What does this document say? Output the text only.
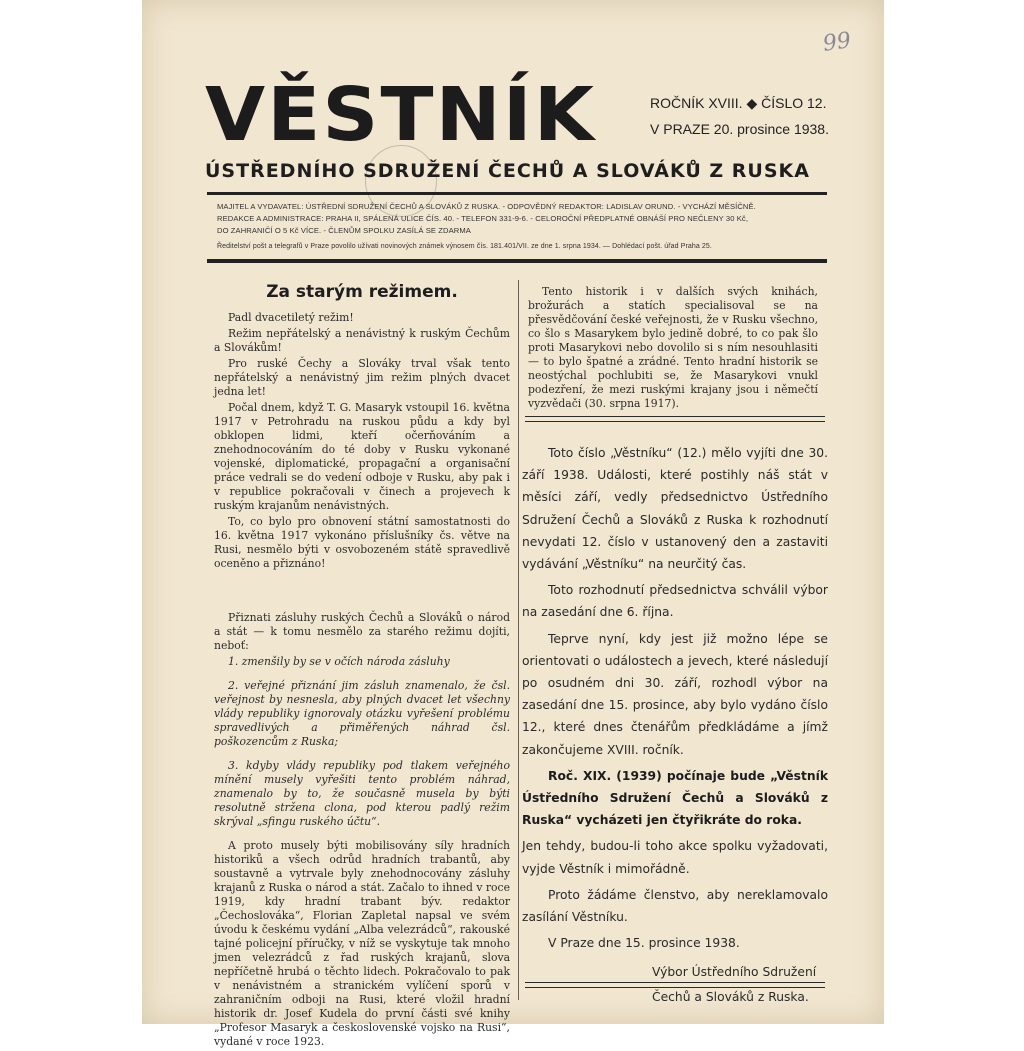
99
VĚSTNÍK	ROČNÍK XVIII. ◆ ČÍSLO 12.
V PRAZE 20. prosince 1938.
ÚSTŘEDNÍHO SDRUŽENÍ ČECHŮ A SLOVÁKŮ Z RUSKA

MAJITEL A VYDAVATEL: ÚSTŘEDNÍ SDRUŽENÍ ČECHŮ A SLOVÁKŮ Z RUSKA. - ODPOVĚDNÝ REDAKTOR: LADISLAV ORUND. - VYCHÁZÍ MĚSÍČNĚ.

REDAKCE A ADMINISTRACE: PRAHA II, SPÁLENÁ ULICE ČÍS. 40. - TELEFON 331-9-6. - CELOROČNÍ PŘEDPLATNÉ OBNÁŠÍ PRO NEČLENY 30 Kč,

DO ZAHRANIČÍ O 5 Kč VÍCE. - ČLENŮM SPOLKU ZASÍLÁ SE ZDARMA

Ředitelství pošt a telegrafů v Praze povolilo užívati novinových známek výnosem čís. 181.401/VII. ze dne 1. srpna 1934. — Dohlédací pošt. úřad Praha 25.

Za starým režimem.

Padl dvacetiletý režim!

Režim nepřátelský a nenávistný k ruským Čechům a Slovákům!

Pro ruské Čechy a Slováky trval však tento nepřátelský a nenávistný jim režim plných dvacet jedna let!

Počal dnem, když T. G. Masaryk vstoupil 16. května 1917 v Petrohradu na ruskou půdu a kdy byl obklopen lidmi, kteří očerňováním a znehodnocováním do té doby v Rusku vykonané vojenské, diplomatické, propagační a organisační práce vedrali se do vedení odboje v Rusku, aby pak i v republice pokračovali v činech a projevech k ruským krajanům nenávistných.

To, co bylo pro obnovení státní samostatnosti do 16. května 1917 vykonáno příslušníky čs. větve na Rusi, nesmělo býti v osvobozeném státě spravedlivě oceněno a přiznáno!

Přiznati zásluhy ruských Čechů a Slováků o národ a stát — k tomu nesmělo za starého režimu dojíti, neboť:

1. zmenšily by se v očích národa zásluhy

2. veřejné přiznání jim zásluh znamenalo, že čsl. veřejnost by nesnesla, aby plných dvacet let všechny vlády republiky ignorovaly otázku vyřešení problému spravedlivých a přiměřených náhrad čsl. poškozencům z Ruska;

3. kdyby vlády republiky pod tlakem veřejného mínění musely vyřešiti tento problém náhrad, znamenalo by to, že současně musela by býti resolutně stržena clona, pod kterou padlý režim skrýval „sfingu ruského účtu“.

A proto musely býti mobilisovány síly hradních historiků a všech odrůd hradních trabantů, aby soustavně a vytrvale byly znehodnocovány zásluhy krajanů z Ruska o národ a stát. Začalo to ihned v roce 1919, kdy hradní trabant býv. redaktor „Čechoslováka“, Florian Zapletal napsal ve svém úvodu k českému vydání „Alba velezrádců“, rakouské tajné policejní příručky, v níž se vyskytuje tak mnoho jmen velezrádců z řad ruských krajanů, slova nepříčetně hrubá o těchto lidech. Pokračovalo to pak v nenávistném a stranickém vylíčení sporů v zahraničním odboji na Rusi, které vložil hradní historik dr. Josef Kudela do první části své knihy „Profesor Masaryk a československé vojsko na Rusi“, vydané v roce 1923.

Tento historik i v dalších svých knihách, brožurách a statích specialisoval se na přesvědčování české veřejnosti, že v Rusku všechno, co šlo s Masarykem bylo jedině dobré, to co pak šlo proti Masarykovi nebo dovolilo si s ním nesouhlasiti — to bylo špatné a zrádné. Tento hradní historik se neostýchal pochlubiti se, že Masarykovi vnukl podezření, že mezi ruskými krajany jsou i němečtí vyzvědači (30. srpna 1917).

Toto číslo „Věstníku“ (12.) mělo vyjíti dne 30. září 1938. Události, které postihly náš stát v měsíci září, vedly předsednictvo Ústředního Sdružení Čechů a Slováků z Ruska k rozhodnutí nevydati 12. číslo v ustanovený den a zastaviti vydávání „Věstníku“ na neurčitý čas.

Toto rozhodnutí předsednictva schválil výbor na zasedání dne 6. října.

Teprve nyní, kdy jest již možno lépe se orientovati o událostech a jevech, které následují po osudném dni 30. září, rozhodl výbor na zasedání dne 15. prosince, aby bylo vydáno číslo 12., které dnes čtenářům předkládáme a jímž zakončujeme XVIII. ročník.

Roč. XIX. (1939) počínaje bude „Věstník Ústředního Sdružení Čechů a Slováků z Ruska“ vycházeti jen čtyřikráte do roka.

Jen tehdy, budou-li toho akce spolku vyžadovati, vyjde Věstník i mimořádně.

Proto žádáme členstvo, aby nereklamovalo zasílání Věstníku.

V Praze dne 15. prosince 1938.

Výbor Ústředního Sdružení

Čechů a Slováků z Ruska.
